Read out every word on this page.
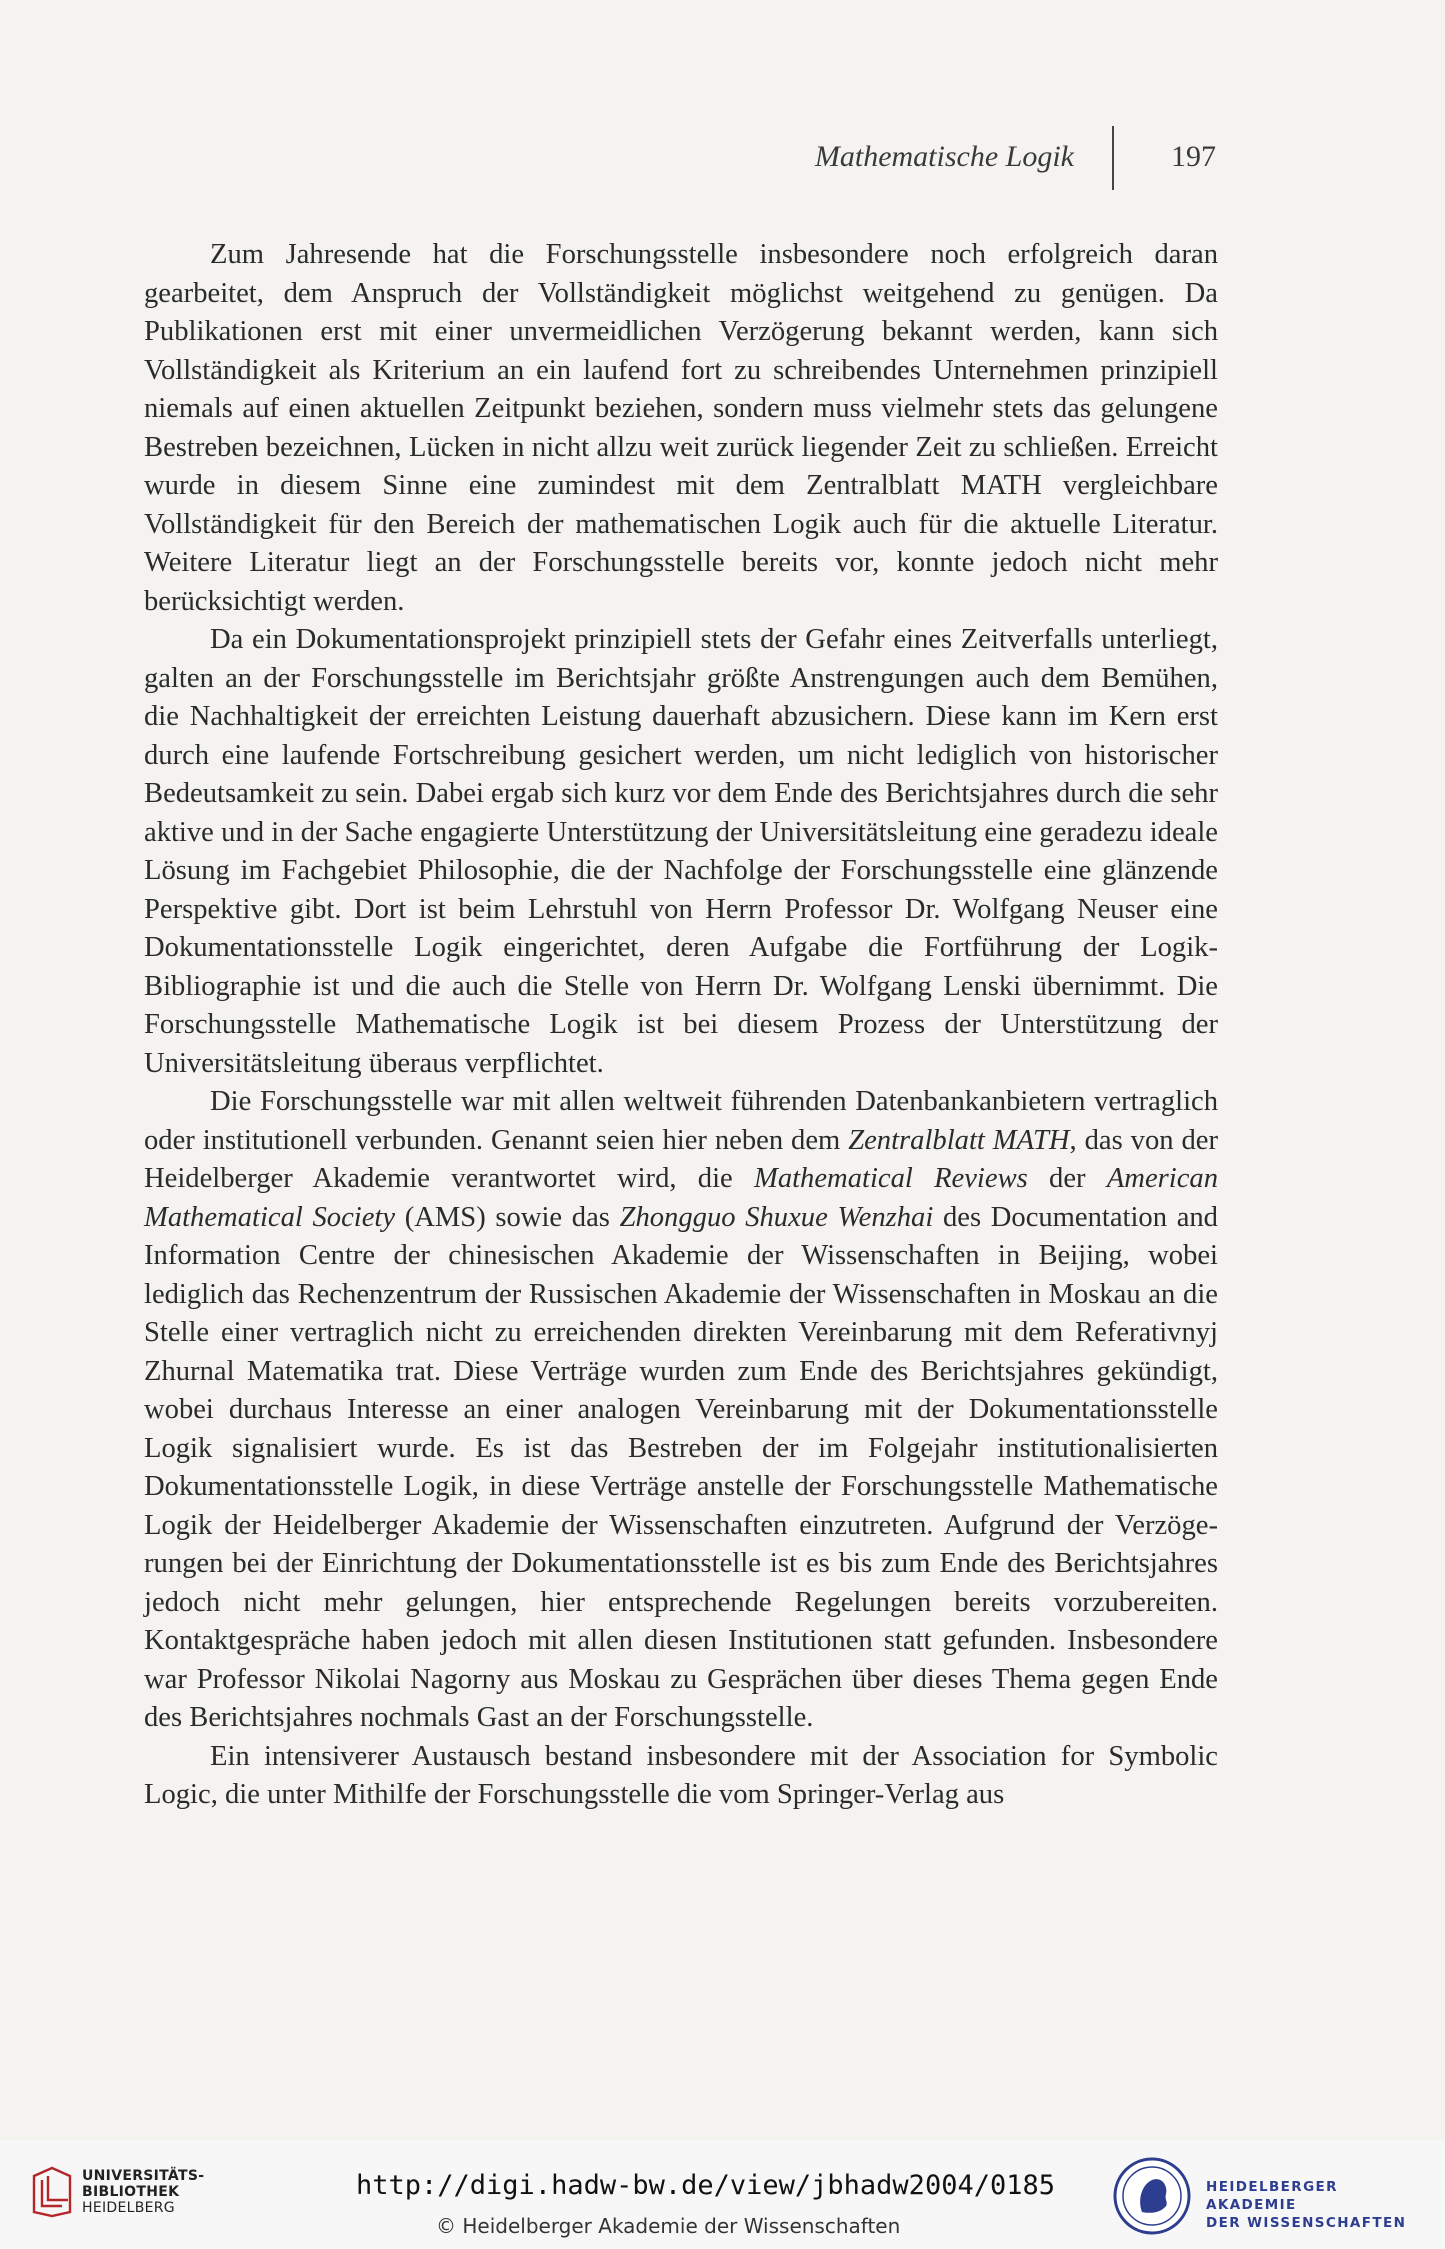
Mathematische Logik	197

Zum Jahresende hat die Forschungsstelle insbesondere noch erfolgreich daran gearbeitet, dem Anspruch der Vollständigkeit möglichst weitgehend zu genügen. Da Publikationen erst mit einer unvermeidlichen Verzögerung bekannt werden, kann sich Vollständigkeit als Kriterium an ein laufend fort zu schreibendes Unternehmen prinzipiell niemals auf einen aktuellen Zeitpunkt beziehen, sondern muss vielmehr stets das gelungene Bestreben bezeichnen, Lücken in nicht allzu weit zurück liegender Zeit zu schließen. Erreicht wurde in diesem Sinne eine zumindest mit dem Zentralblatt MATH vergleichbare Vollständigkeit für den Bereich der mathematischen Logik auch für die aktuelle Literatur. Weitere Literatur liegt an der Forschungsstelle bereits vor, konnte jedoch nicht mehr berücksichtigt werden.

Da ein Dokumentationsprojekt prinzipiell stets der Gefahr eines Zeitverfalls unterliegt, galten an der Forschungsstelle im Berichtsjahr größte Anstrengungen auch dem Bemühen, die Nachhaltigkeit der erreichten Leistung dauerhaft abzusichern. Diese kann im Kern erst durch eine laufende Fortschreibung gesichert werden, um nicht lediglich von historischer Bedeutsamkeit zu sein. Dabei ergab sich kurz vor dem Ende des Berichtsjahres durch die sehr aktive und in der Sache engagierte Unterstützung der Universitätsleitung eine geradezu ideale Lösung im Fachgebiet Philosophie, die der Nachfolge der Forschungsstelle eine glänzende Perspektive gibt. Dort ist beim Lehrstuhl von Herrn Professor Dr. Wolfgang Neuser eine Dokumentationsstelle Logik eingerichtet, deren Aufgabe die Fortführung der Logik-Bibliographie ist und die auch die Stelle von Herrn Dr. Wolfgang Lenski übernimmt. Die Forschungsstelle Mathematische Logik ist bei diesem Prozess der Unterstützung der Universitätsleitung überaus verpflichtet.

Die Forschungsstelle war mit allen weltweit führenden Datenbankanbietern vertraglich oder institutionell verbunden. Genannt seien hier neben dem Zentralblatt MATH, das von der Heidelberger Akademie verantwortet wird, die Mathematical Reviews der American Mathematical Society (AMS) sowie das Zhongguo Shuxue Wenzhai des Documentation and Information Centre der chinesischen Akademie der Wissenschaften in Beijing, wobei lediglich das Rechenzentrum der Russischen Akademie der Wissenschaften in Moskau an die Stelle einer vertraglich nicht zu erreichenden direkten Vereinbarung mit dem Referativnyj Zhurnal Matematika trat. Diese Verträge wurden zum Ende des Berichtsjahres gekündigt, wobei durchaus Interesse an einer analogen Vereinbarung mit der Dokumentationsstelle Logik signalisiert wurde. Es ist das Bestreben der im Folgejahr institutionalisierten Dokumentationsstelle Logik, in diese Verträge anstelle der Forschungsstelle Mathematische Logik der Heidelberger Akademie der Wissenschaften einzutreten. Aufgrund der Verzögerungen bei der Einrichtung der Dokumentationsstelle ist es bis zum Ende des Berichtsjahres jedoch nicht mehr gelungen, hier entsprechende Regelungen bereits vorzubereiten. Kontaktgespräche haben jedoch mit allen diesen Institutionen statt gefunden. Insbesondere war Professor Nikolai Nagorny aus Moskau zu Gesprächen über dieses Thema gegen Ende des Berichtsjahres nochmals Gast an der Forschungsstelle.

Ein intensiverer Austausch bestand insbesondere mit der Association for Symbolic Logic, die unter Mithilfe der Forschungsstelle die vom Springer-Verlag aus

UNIVERSITÄTS-
BIBLIOTHEK
HEIDELBERG
http://digi.hadw-bw.de/view/jbhadw2004/0185
© Heidelberger Akademie der Wissenschaften
HEIDELBERGER AKADEMIE
DER WISSENSCHAFTEN
